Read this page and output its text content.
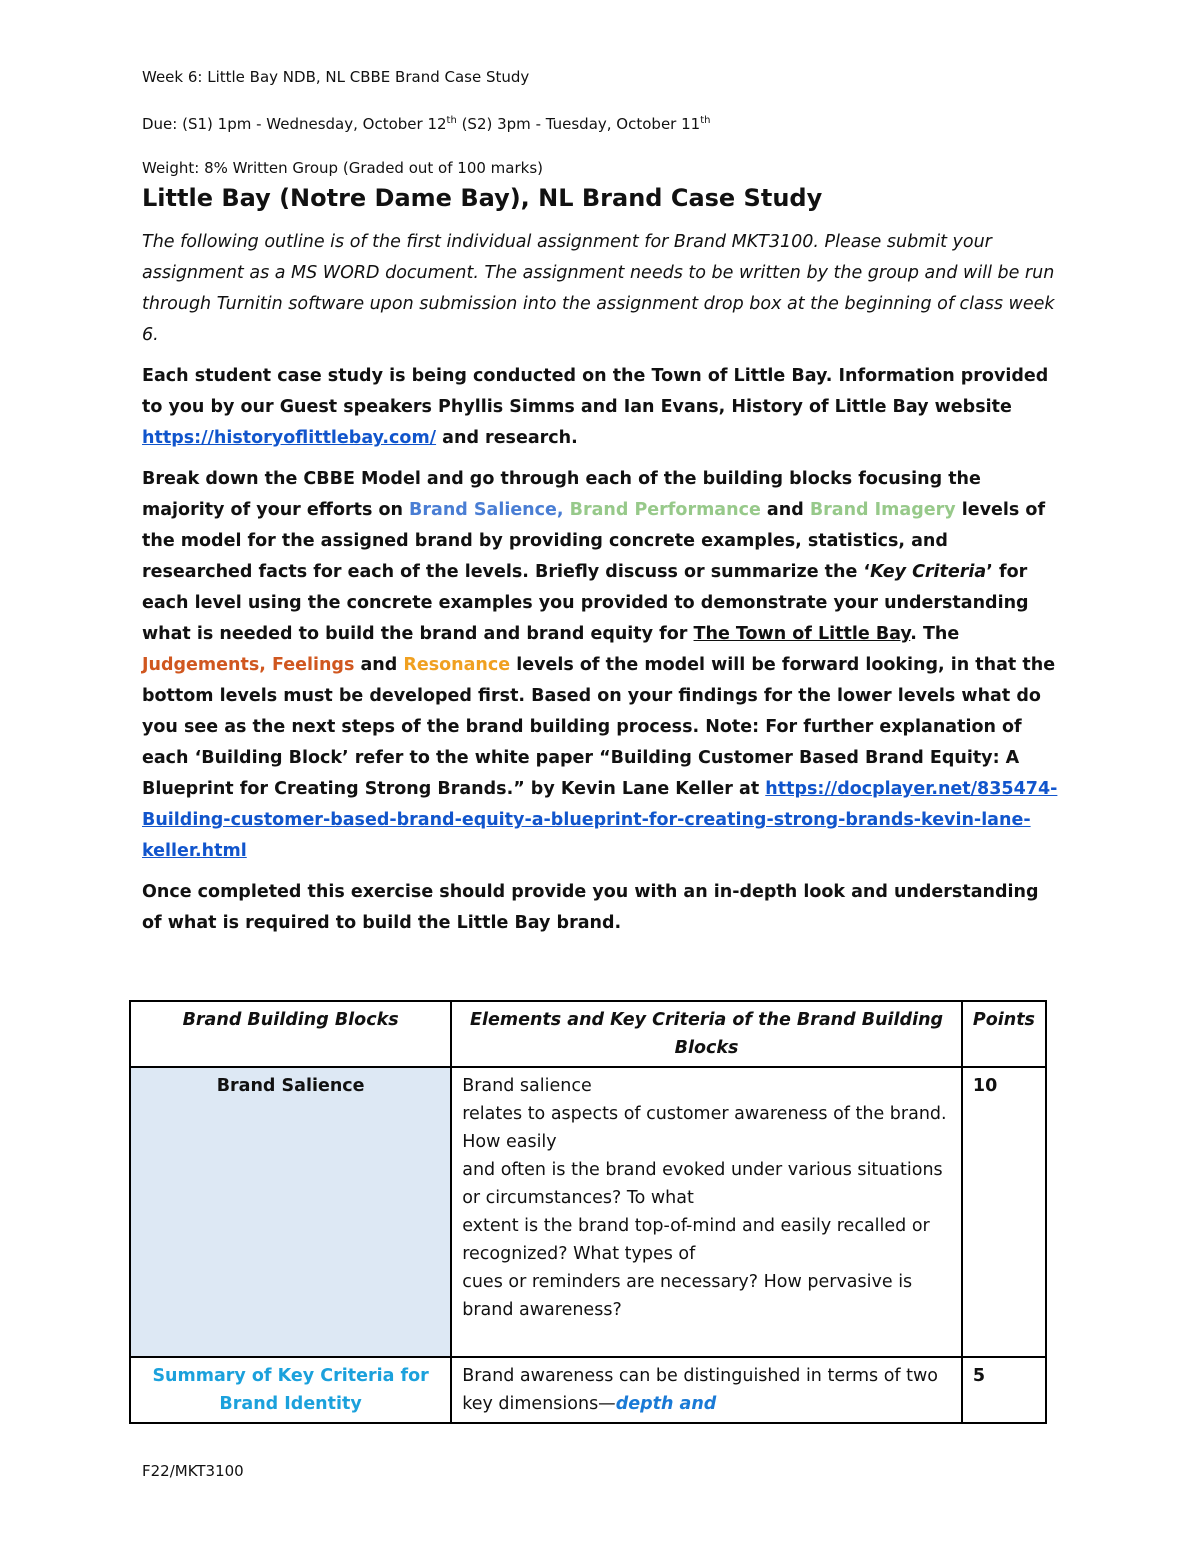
Week 6: Little Bay NDB, NL CBBE Brand Case Study

Due: (S1) 1pm - Wednesday, October 12th (S2) 3pm - Tuesday, October 11th

Weight: 8% Written Group (Graded out of 100 marks)

Little Bay (Notre Dame Bay), NL Brand Case Study

The following outline is of the first individual assignment for Brand MKT3100. Please submit your assignment as a MS WORD document. The assignment needs to be written by the group and will be run through Turnitin software upon submission into the assignment drop box at the beginning of class week 6.

Each student case study is being conducted on the Town of Little Bay. Information provided to you by our Guest speakers Phyllis Simms and Ian Evans, History of Little Bay website https://historyoflittlebay.com/ and research.

Break down the CBBE Model and go through each of the building blocks focusing the majority of your efforts on Brand Salience, Brand Performance and Brand Imagery levels of the model for the assigned brand by providing concrete examples, statistics, and researched facts for each of the levels. Briefly discuss or summarize the ‘Key Criteria’ for each level using the concrete examples you provided to demonstrate your understanding what is needed to build the brand and brand equity for The Town of Little Bay. The Judgements, Feelings and Resonance levels of the model will be forward looking, in that the bottom levels must be developed first. Based on your findings for the lower levels what do you see as the next steps of the brand building process. Note: For further explanation of each ‘Building Block’ refer to the white paper “Building Customer Based Brand Equity: A Blueprint for Creating Strong Brands.” by Kevin Lane Keller at https://docplayer.net/835474-Building-customer-based-brand-equity-a-blueprint-for-creating-strong-brands-kevin-lane-keller.html

Once completed this exercise should provide you with an in-depth look and understanding of what is required to build the Little Bay brand.

Brand Building Blocks	Elements and Key Criteria of the Brand Building Blocks	Points
Brand Salience	Brand salience
relates to aspects of customer awareness of the brand. How easily
and often is the brand evoked under various situations or circumstances? To what
extent is the brand top-of-mind and easily recalled or recognized? What types of
cues or reminders are necessary? How pervasive is brand awareness?	10
Summary of Key Criteria for Brand Identity	Brand awareness can be distinguished in terms of two key dimensions—depth and	5
F22/MKT3100
